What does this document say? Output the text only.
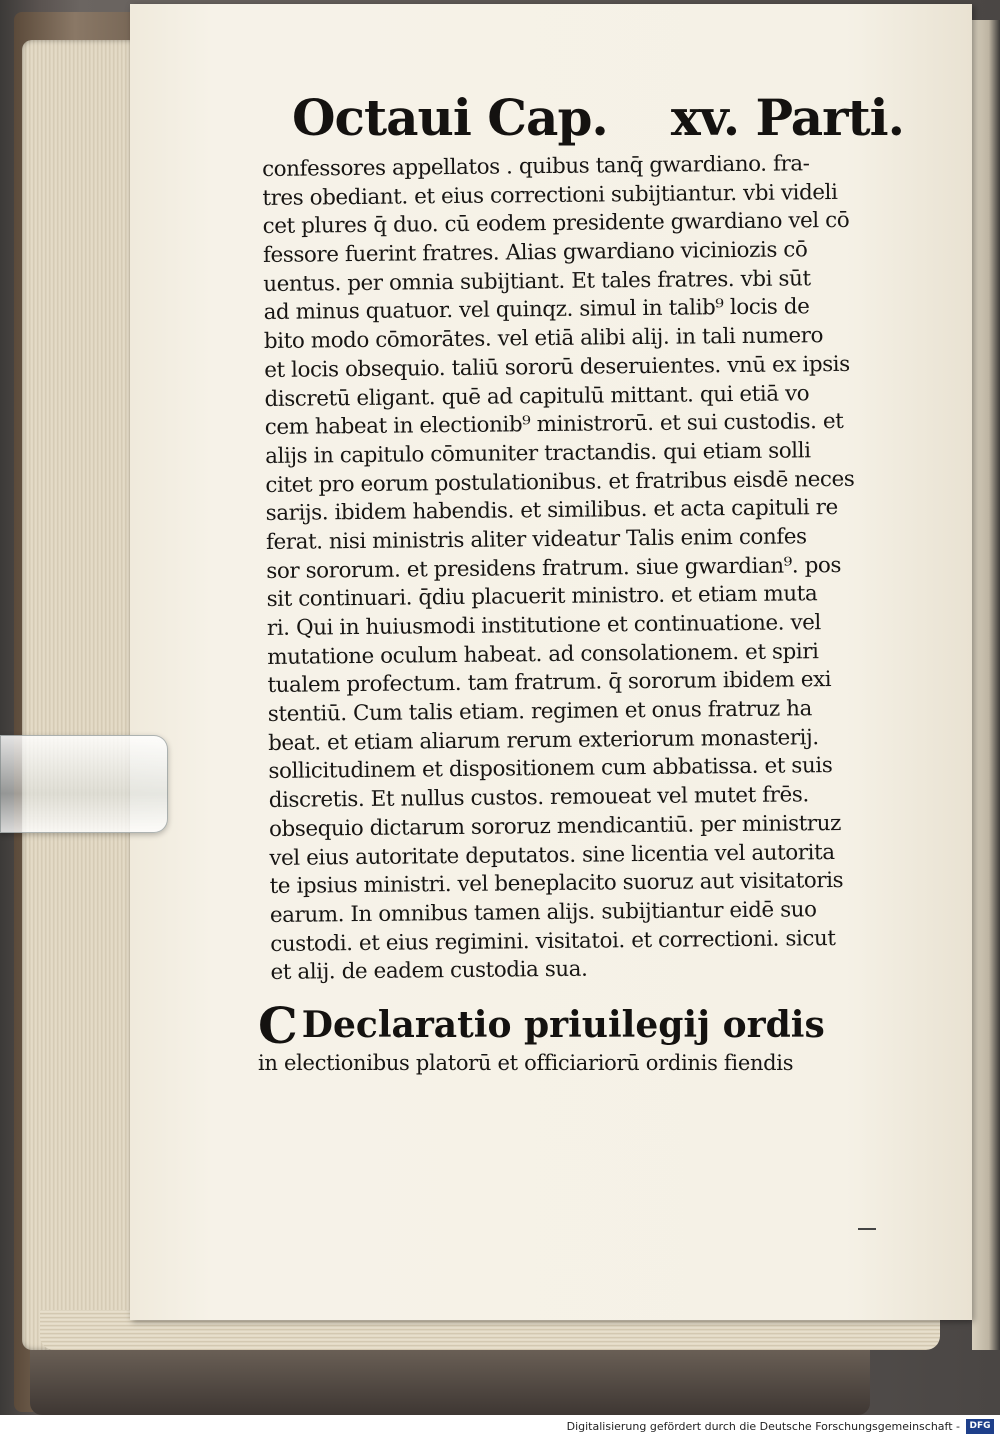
Octaui Cap. xv. Parti.
confessores appellatos . quibus tanq̄ gwardiano. fra-
tres obediant. et eius correctioni subijtiantur. vbi videli
cet plures q̄ duo. cū eodem presidente gwardiano vel cō
fessore fuerint fratres. Alias gwardiano viciniozis cō
uentus. per omnia subijtiant. Et tales fratres. vbi sūt
ad minus quatuor. vel quinqz. simul in talib⁹ locis de
bito modo cōmorātes. vel etiā alibi alij. in tali numero
et locis obsequio. taliū sororū deseruientes. vnū ex ipsis
discretū eligant. quē ad capitulū mittant. qui etiā vo
cem habeat in electionib⁹ ministrorū. et sui custodis. et
alijs in capitulo cōmuniter tractandis. qui etiam solli
citet pro eorum postulationibus. et fratribus eisdē neces
sarijs. ibidem habendis. et similibus. et acta capituli re
ferat. nisi ministris aliter videatur Talis enim confes
sor sororum. et presidens fratrum. siue gwardian⁹. pos
sit continuari. q̄diu placuerit ministro. et etiam muta
ri. Qui in huiusmodi institutione et continuatione. vel
mutatione oculum habeat. ad consolationem. et spiri
tualem profectum. tam fratrum. q̄ sororum ibidem exi
stentiū. Cum talis etiam. regimen et onus fratruz ha
beat. et etiam aliarum rerum exteriorum monasterij.
sollicitudinem et dispositionem cum abbatissa. et suis
discretis. Et nullus custos. remoueat vel mutet frēs.
obsequio dictarum sororuz mendicantiū. per ministruz
vel eius autoritate deputatos. sine licentia vel autorita
te ipsius ministri. vel beneplacito suoruz aut visitatoris
earum. In omnibus tamen alijs. subijtiantur eidē suo
custodi. et eius regimini. visitatoi. et correctioni. sicut
et alij. de eadem custodia sua.
C Declaratio priuilegij ordis
in electionibus platorū et officiariorū ordinis fiendis
Digitalisierung gefördert durch die Deutsche Forschungsgemeinschaft -	DFG
